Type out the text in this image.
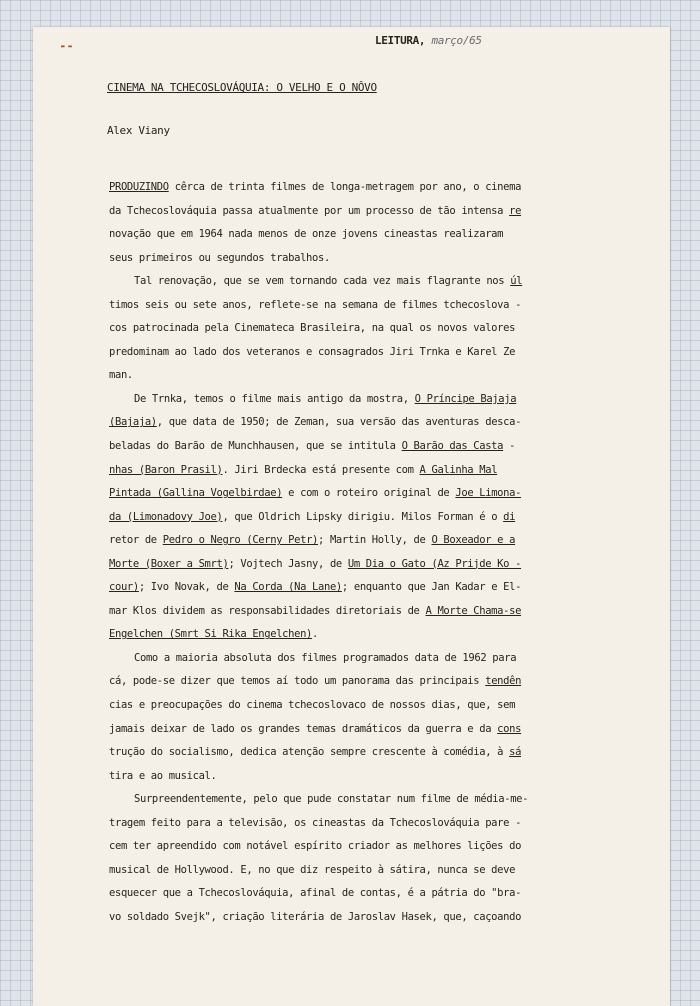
▬ ▬	LEITURA, março/65
CINEMA NA TCHECOSLOVÁQUIA: O VELHO E O NÔVO
Alex Viany
PRODUZINDO cêrca de trinta filmes de longa-metragem por ano, o cinema
da Tchecoslováquia passa atualmente por um processo de tão intensa re
novação que em 1964 nada menos de onze jovens cineastas realizaram
seus primeiros ou segundos trabalhos.
Tal renovação, que se vem tornando cada vez mais flagrante nos úl
timos seis ou sete anos, reflete-se na semana de filmes tchecoslova -
cos patrocinada pela Cinemateca Brasileira, na qual os novos valores
predominam ao lado dos veteranos e consagrados Jiri Trnka e Karel Ze
man.
De Trnka, temos o filme mais antigo da mostra, O Príncipe Bajaja
(Bajaja), que data de 1950; de Zeman, sua versão das aventuras desca-
beladas do Barão de Munchhausen, que se intitula O Barão das Casta -
nhas (Baron Prasil). Jiri Brdecka está presente com A Galinha Mal
Pintada (Gallina Vogelbirdae) e com o roteiro original de Joe Limona-
da (Limonadovy Joe), que Oldrich Lipsky dirigiu. Milos Forman é o di
retor de Pedro o Negro (Cerny Petr); Martin Holly, de O Boxeador e a
Morte (Boxer a Smrt); Vojtech Jasny, de Um Dia o Gato (Az Prijde Ko -
cour); Ivo Novak, de Na Corda (Na Lane); enquanto que Jan Kadar e El-
mar Klos dividem as responsabilidades diretoriais de A Morte Chama-se
Engelchen (Smrt Si Rika Engelchen).
Como a maioria absoluta dos filmes programados data de 1962 para
cá, pode-se dizer que temos aí todo um panorama das principais tendên
cias e preocupações do cinema tchecoslovaco de nossos dias, que, sem
jamais deixar de lado os grandes temas dramáticos da guerra e da cons
trução do socialismo, dedica atenção sempre crescente à comédia, à sá
tira e ao musical.
Surpreendentemente, pelo que pude constatar num filme de média-me-
tragem feito para a televisão, os cineastas da Tchecoslováquia pare -
cem ter apreendido com notável espírito criador as melhores lições do
musical de Hollywood. E, no que diz respeito à sátira, nunca se deve
esquecer que a Tchecoslováquia, afinal de contas, é a pátria do "bra-
vo soldado Svejk", criação literária de Jaroslav Hasek, que, caçoando
